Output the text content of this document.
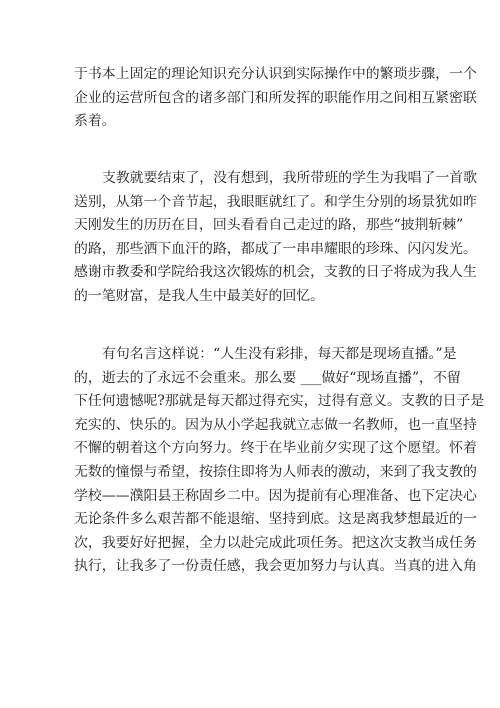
于书本上固定的理论知识充分认识到实际操作中的繁琐步骤，一个
企业的运营所包含的诸多部门和所发挥的职能作用之间相互紧密联
系着。
支教就要结束了，没有想到，我所带班的学生为我唱了一首歌
送别，从第一个音节起，我眼眶就红了。和学生分别的场景犹如昨
天刚发生的历历在目，回头看看自己走过的路，那些“披荆斩棘”
的路，那些洒下血汗的路，都成了一串串耀眼的珍珠、闪闪发光。
感谢市教委和学院给我这次锻炼的机会，支教的日子将成为我人生
的一笔财富，是我人生中最美好的回忆。
有句名言这样说：“人生没有彩排，每天都是现场直播。”是
的，逝去的了永远不会重来。那么要 ___做好“现场直播”，不留
下任何遗憾呢?那就是每天都过得充实，过得有意义。支教的日子是
充实的、快乐的。因为从小学起我就立志做一名教师，也一直坚持
不懈的朝着这个方向努力。终于在毕业前夕实现了这个愿望。怀着
无数的憧憬与希望，按捺住即将为人师表的激动，来到了我支教的
学校——濮阳县王称固乡二中。因为提前有心理准备、也下定决心
无论条件多么艰苦都不能退缩、坚持到底。这是离我梦想最近的一
次，我要好好把握，全力以赴完成此项任务。把这次支教当成任务
执行，让我多了一份责任感，我会更加努力与认真。当真的进入角
